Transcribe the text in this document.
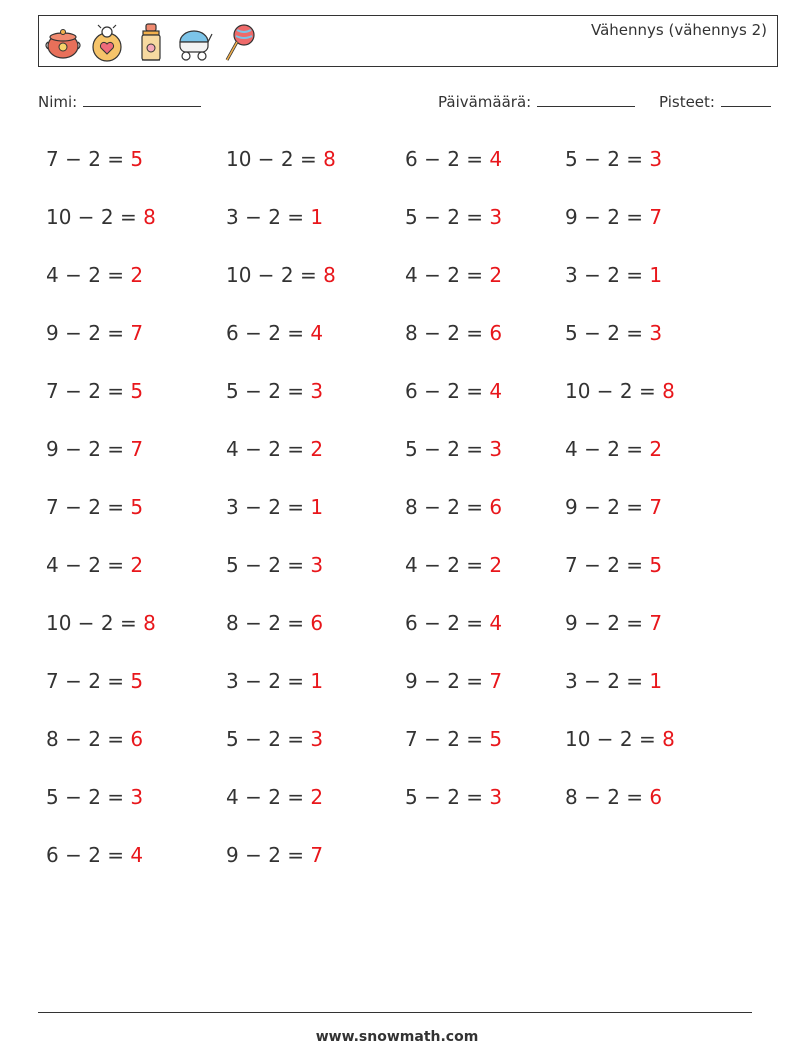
Vähennys (vähennys 2)
Nimi:	Päivämäärä:	Pisteet:
7 − 2 = 5	10 − 2 = 8	6 − 2 = 4	5 − 2 = 3
10 − 2 = 8	3 − 2 = 1	5 − 2 = 3	9 − 2 = 7
4 − 2 = 2	10 − 2 = 8	4 − 2 = 2	3 − 2 = 1
9 − 2 = 7	6 − 2 = 4	8 − 2 = 6	5 − 2 = 3
7 − 2 = 5	5 − 2 = 3	6 − 2 = 4	10 − 2 = 8
9 − 2 = 7	4 − 2 = 2	5 − 2 = 3	4 − 2 = 2
7 − 2 = 5	3 − 2 = 1	8 − 2 = 6	9 − 2 = 7
4 − 2 = 2	5 − 2 = 3	4 − 2 = 2	7 − 2 = 5
10 − 2 = 8	8 − 2 = 6	6 − 2 = 4	9 − 2 = 7
7 − 2 = 5	3 − 2 = 1	9 − 2 = 7	3 − 2 = 1
8 − 2 = 6	5 − 2 = 3	7 − 2 = 5	10 − 2 = 8
5 − 2 = 3	4 − 2 = 2	5 − 2 = 3	8 − 2 = 6
6 − 2 = 4	9 − 2 = 7
www.snowmath.com
